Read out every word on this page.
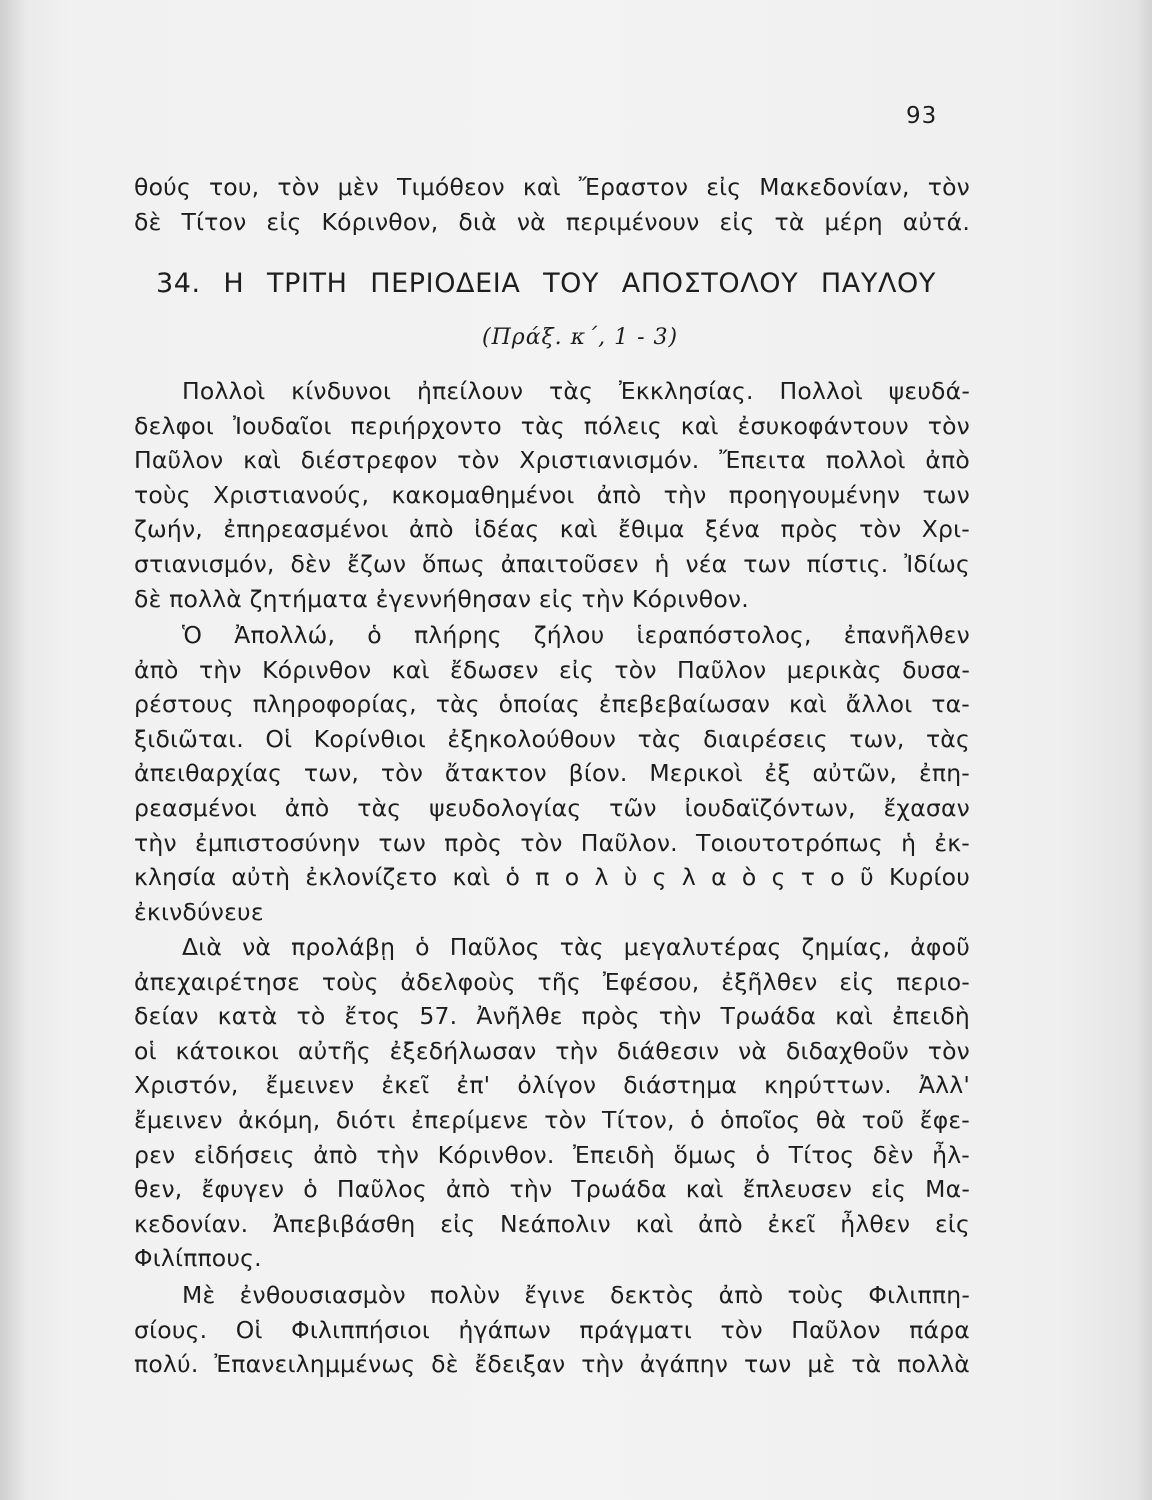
93
θούς του, τὸν μὲν Τιμόθεον καὶ Ἔραστον εἰς Μακεδονίαν, τὸν
δὲ Τίτον εἰς Κόρινθον, διὰ νὰ περιμένουν εἰς τὰ μέρη αὐτά.
34. Η ΤΡΙΤΗ ΠΕΡΙΟΔΕΙΑ ΤΟΥ ΑΠΟΣΤΟΛΟΥ ΠΑΥΛΟΥ
(Πράξ. κ΄, 1 - 3)
Πολλοὶ κίνδυνοι ἠπείλουν τὰς Ἐκκλησίας. Πολλοὶ ψευδά-
δελφοι Ἰουδαῖοι περιήρχοντο τὰς πόλεις καὶ ἐσυκοφάντουν τὸν
Παῦλον καὶ διέστρεφον τὸν Χριστιανισμόν. Ἔπειτα πολλοὶ ἀπὸ
τοὺς Χριστιανούς, κακομαθημένοι ἀπὸ τὴν προηγουμένην των
ζωήν, ἐπηρεασμένοι ἀπὸ ἰδέας καὶ ἔθιμα ξένα πρὸς τὸν Χρι-
στιανισμόν, δὲν ἔζων ὅπως ἀπαιτοῦσεν ἡ νέα των πίστις. Ἰδίως
δὲ πολλὰ ζητήματα ἐγεννήθησαν εἰς τὴν Κόρινθον.
Ὁ Ἀπολλώ, ὁ πλήρης ζήλου ἱεραπόστολος, ἐπανῆλθεν
ἀπὸ τὴν Κόρινθον καὶ ἔδωσεν εἰς τὸν Παῦλον μερικὰς δυσα-
ρέστους πληροφορίας, τὰς ὁποίας ἐπεβεβαίωσαν καὶ ἄλλοι τα-
ξιδιῶται. Οἱ Κορίνθιοι ἐξηκολούθουν τὰς διαιρέσεις των, τὰς
ἀπειθαρχίας των, τὸν ἄτακτον βίον. Μερικοὶ ἐξ αὐτῶν, ἐπη-
ρεασμένοι ἀπὸ τὰς ψευδολογίας τῶν ἰουδαϊζόντων, ἔχασαν
τὴν ἐμπιστοσύνην των πρὸς τὸν Παῦλον. Τοιουτοτρόπως ἡ ἐκ-
κλησία αὐτὴ ἐκλονίζετο καὶ ὁ π ο λ ὺ ς λ α ὸ ς τ ο ῦ Κυρίου
ἐκινδύνευε
Διὰ νὰ προλάβῃ ὁ Παῦλος τὰς μεγαλυτέρας ζημίας, ἀφοῦ
ἀπεχαιρέτησε τοὺς ἀδελφοὺς τῆς Ἐφέσου, ἐξῆλθεν εἰς περιο-
δείαν κατὰ τὸ ἔτος 57. Ἀνῆλθε πρὸς τὴν Τρωάδα καὶ ἐπειδὴ
οἱ κάτοικοι αὐτῆς ἐξεδήλωσαν τὴν διάθεσιν νὰ διδαχθοῦν τὸν
Χριστόν, ἔμεινεν ἐκεῖ ἐπ' ὀλίγον διάστημα κηρύττων. Ἀλλ'
ἔμεινεν ἀκόμη, διότι ἐπερίμενε τὸν Τίτον, ὁ ὁποῖος θὰ τοῦ ἔφε-
ρεν εἰδήσεις ἀπὸ τὴν Κόρινθον. Ἐπειδὴ ὅμως ὁ Τίτος δὲν ἦλ-
θεν, ἔφυγεν ὁ Παῦλος ἀπὸ τὴν Τρωάδα καὶ ἔπλευσεν εἰς Μα-
κεδονίαν. Ἀπεβιβάσθη εἰς Νεάπολιν καὶ ἀπὸ ἐκεῖ ἦλθεν εἰς
Φιλίππους.
Μὲ ἐνθουσιασμὸν πολὺν ἔγινε δεκτὸς ἀπὸ τοὺς Φιλιππη-
σίους. Οἱ Φιλιππήσιοι ἠγάπων πράγματι τὸν Παῦλον πάρα
πολύ. Ἐπανειλημμένως δὲ ἔδειξαν τὴν ἀγάπην των μὲ τὰ πολλὰ
